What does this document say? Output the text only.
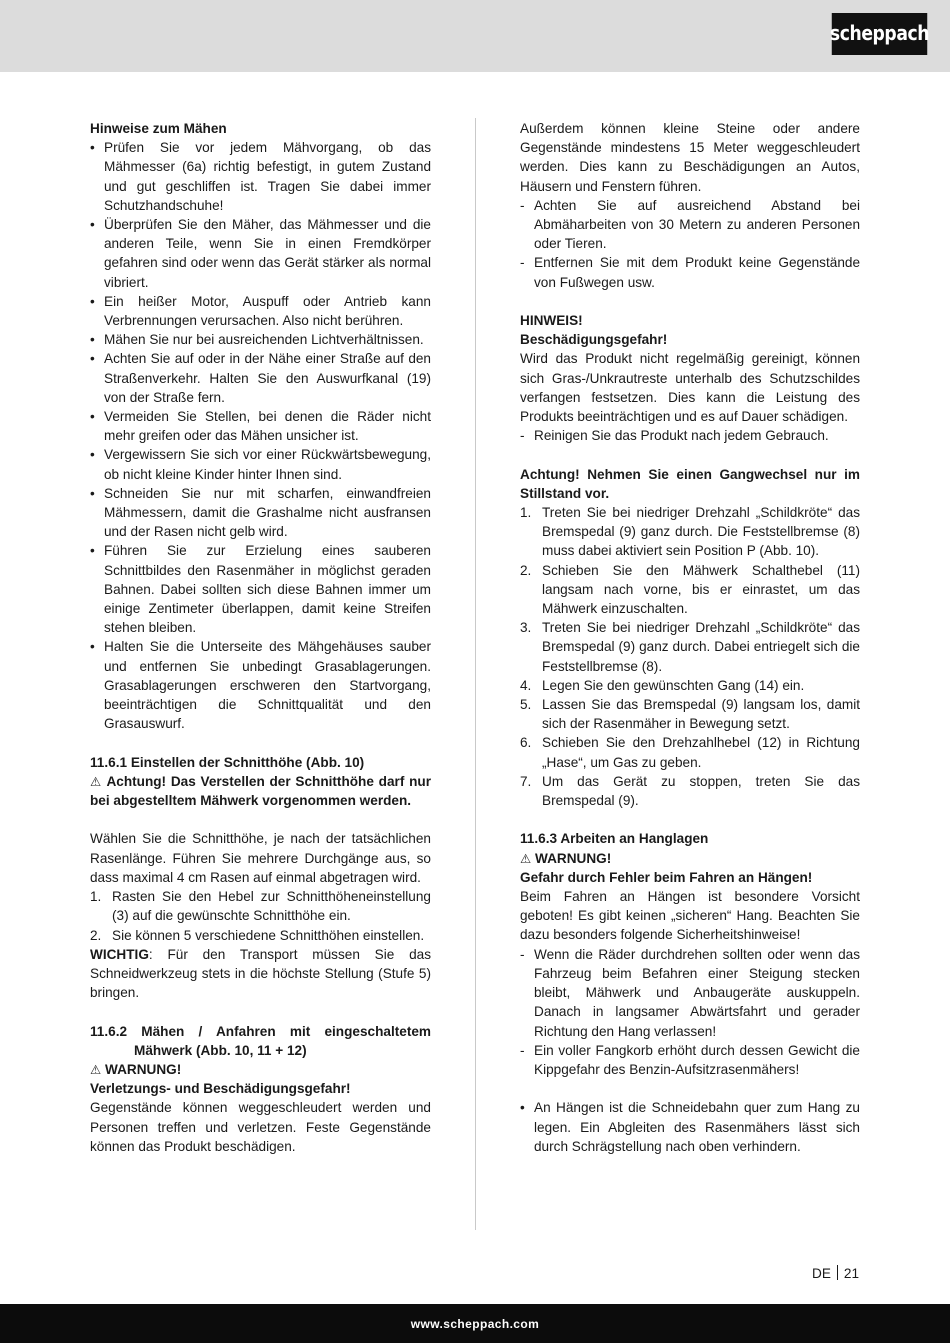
scheppach

Hinweise zum Mähen

• Prüfen Sie vor jedem Mähvorgang, ob das Mähmesser (6a) richtig befestigt, in gutem Zustand und gut geschliffen ist. Tragen Sie dabei immer Schutzhandschuhe!
• Überprüfen Sie den Mäher, das Mähmesser und die anderen Teile, wenn Sie in einen Fremdkörper gefahren sind oder wenn das Gerät stärker als normal vibriert.
• Ein heißer Motor, Auspuff oder Antrieb kann Verbrennungen verursachen. Also nicht berühren.
• Mähen Sie nur bei ausreichenden Lichtverhältnissen.
• Achten Sie auf oder in der Nähe einer Straße auf den Straßenverkehr. Halten Sie den Auswurfkanal (19) von der Straße fern.
• Vermeiden Sie Stellen, bei denen die Räder nicht mehr greifen oder das Mähen unsicher ist.
• Vergewissern Sie sich vor einer Rückwärtsbewegung, ob nicht kleine Kinder hinter Ihnen sind.
• Schneiden Sie nur mit scharfen, einwandfreien Mähmessern, damit die Grashalme nicht ausfransen und der Rasen nicht gelb wird.
• Führen Sie zur Erzielung eines sauberen Schnittbildes den Rasenmäher in möglichst geraden Bahnen. Dabei sollten sich diese Bahnen immer um einige Zentimeter überlappen, damit keine Streifen stehen bleiben.
• Halten Sie die Unterseite des Mähgehäuses sauber und entfernen Sie unbedingt Grasablagerungen. Grasablagerungen erschweren den Startvorgang, beeinträchtigen die Schnittqualität und den Grasauswurf.

11.6.1 Einstellen der Schnitthöhe (Abb. 10)

⚠ Achtung! Das Verstellen der Schnitthöhe darf nur bei abgestelltem Mähwerk vorgenommen werden.

Wählen Sie die Schnitthöhe, je nach der tatsächlichen Rasenlänge. Führen Sie mehrere Durchgänge aus, so dass maximal 4 cm Rasen auf einmal abgetragen wird.

1. Rasten Sie den Hebel zur Schnitthöheneinstellung (3) auf die gewünschte Schnitthöhe ein.
2. Sie können 5 verschiedene Schnitthöhen einstellen.

WICHTIG: Für den Transport müssen Sie das Schneidwerkzeug stets in die höchste Stellung (Stufe 5) bringen.

11.6.2 Mähen / Anfahren mit eingeschaltetem Mähwerk (Abb. 10, 11 + 12)

⚠ WARNUNG!

Verletzungs- und Beschädigungsgefahr!

Gegenstände können weggeschleudert werden und Personen treffen und verletzen. Feste Gegenstände können das Produkt beschädigen.

Außerdem können kleine Steine oder andere Gegenstände mindestens 15 Meter weggeschleudert werden. Dies kann zu Beschädigungen an Autos, Häusern und Fenstern führen.

- Achten Sie auf ausreichend Abstand bei Abmäharbeiten von 30 Metern zu anderen Personen oder Tieren.
- Entfernen Sie mit dem Produkt keine Gegenstände von Fußwegen usw.

HINWEIS!

Beschädigungsgefahr!

Wird das Produkt nicht regelmäßig gereinigt, können sich Gras-/Unkrautreste unterhalb des Schutzschildes verfangen festsetzen. Dies kann die Leistung des Produkts beeinträchtigen und es auf Dauer schädigen.

- Reinigen Sie das Produkt nach jedem Gebrauch.

Achtung! Nehmen Sie einen Gangwechsel nur im Stillstand vor.

1. Treten Sie bei niedriger Drehzahl „Schildkröte“ das Bremspedal (9) ganz durch. Die Feststellbremse (8) muss dabei aktiviert sein Position P (Abb. 10).
2. Schieben Sie den Mähwerk Schalthebel (11) langsam nach vorne, bis er einrastet, um das Mähwerk einzuschalten.
3. Treten Sie bei niedriger Drehzahl „Schildkröte“ das Bremspedal (9) ganz durch. Dabei entriegelt sich die Feststellbremse (8).
4. Legen Sie den gewünschten Gang (14) ein.
5. Lassen Sie das Bremspedal (9) langsam los, damit sich der Rasenmäher in Bewegung setzt.
6. Schieben Sie den Drehzahlhebel (12) in Richtung „Hase“, um Gas zu geben.
7. Um das Gerät zu stoppen, treten Sie das Bremspedal (9).

11.6.3 Arbeiten an Hanglagen

⚠ WARNUNG!

Gefahr durch Fehler beim Fahren an Hängen!

Beim Fahren an Hängen ist besondere Vorsicht geboten! Es gibt keinen „sicheren“ Hang. Beachten Sie dazu besonders folgende Sicherheitshinweise!

- Wenn die Räder durchdrehen sollten oder wenn das Fahrzeug beim Befahren einer Steigung stecken bleibt, Mähwerk und Anbaugeräte auskuppeln. Danach in langsamer Abwärtsfahrt und gerader Richtung den Hang verlassen!
- Ein voller Fangkorb erhöht durch dessen Gewicht die Kippgefahr des Benzin-Aufsitzrasenmähers!
• An Hängen ist die Schneidebahn quer zum Hang zu legen. Ein Abgleiten des Rasenmähers lässt sich durch Schrägstellung nach oben verhindern.
DE 21
www.scheppach.com
